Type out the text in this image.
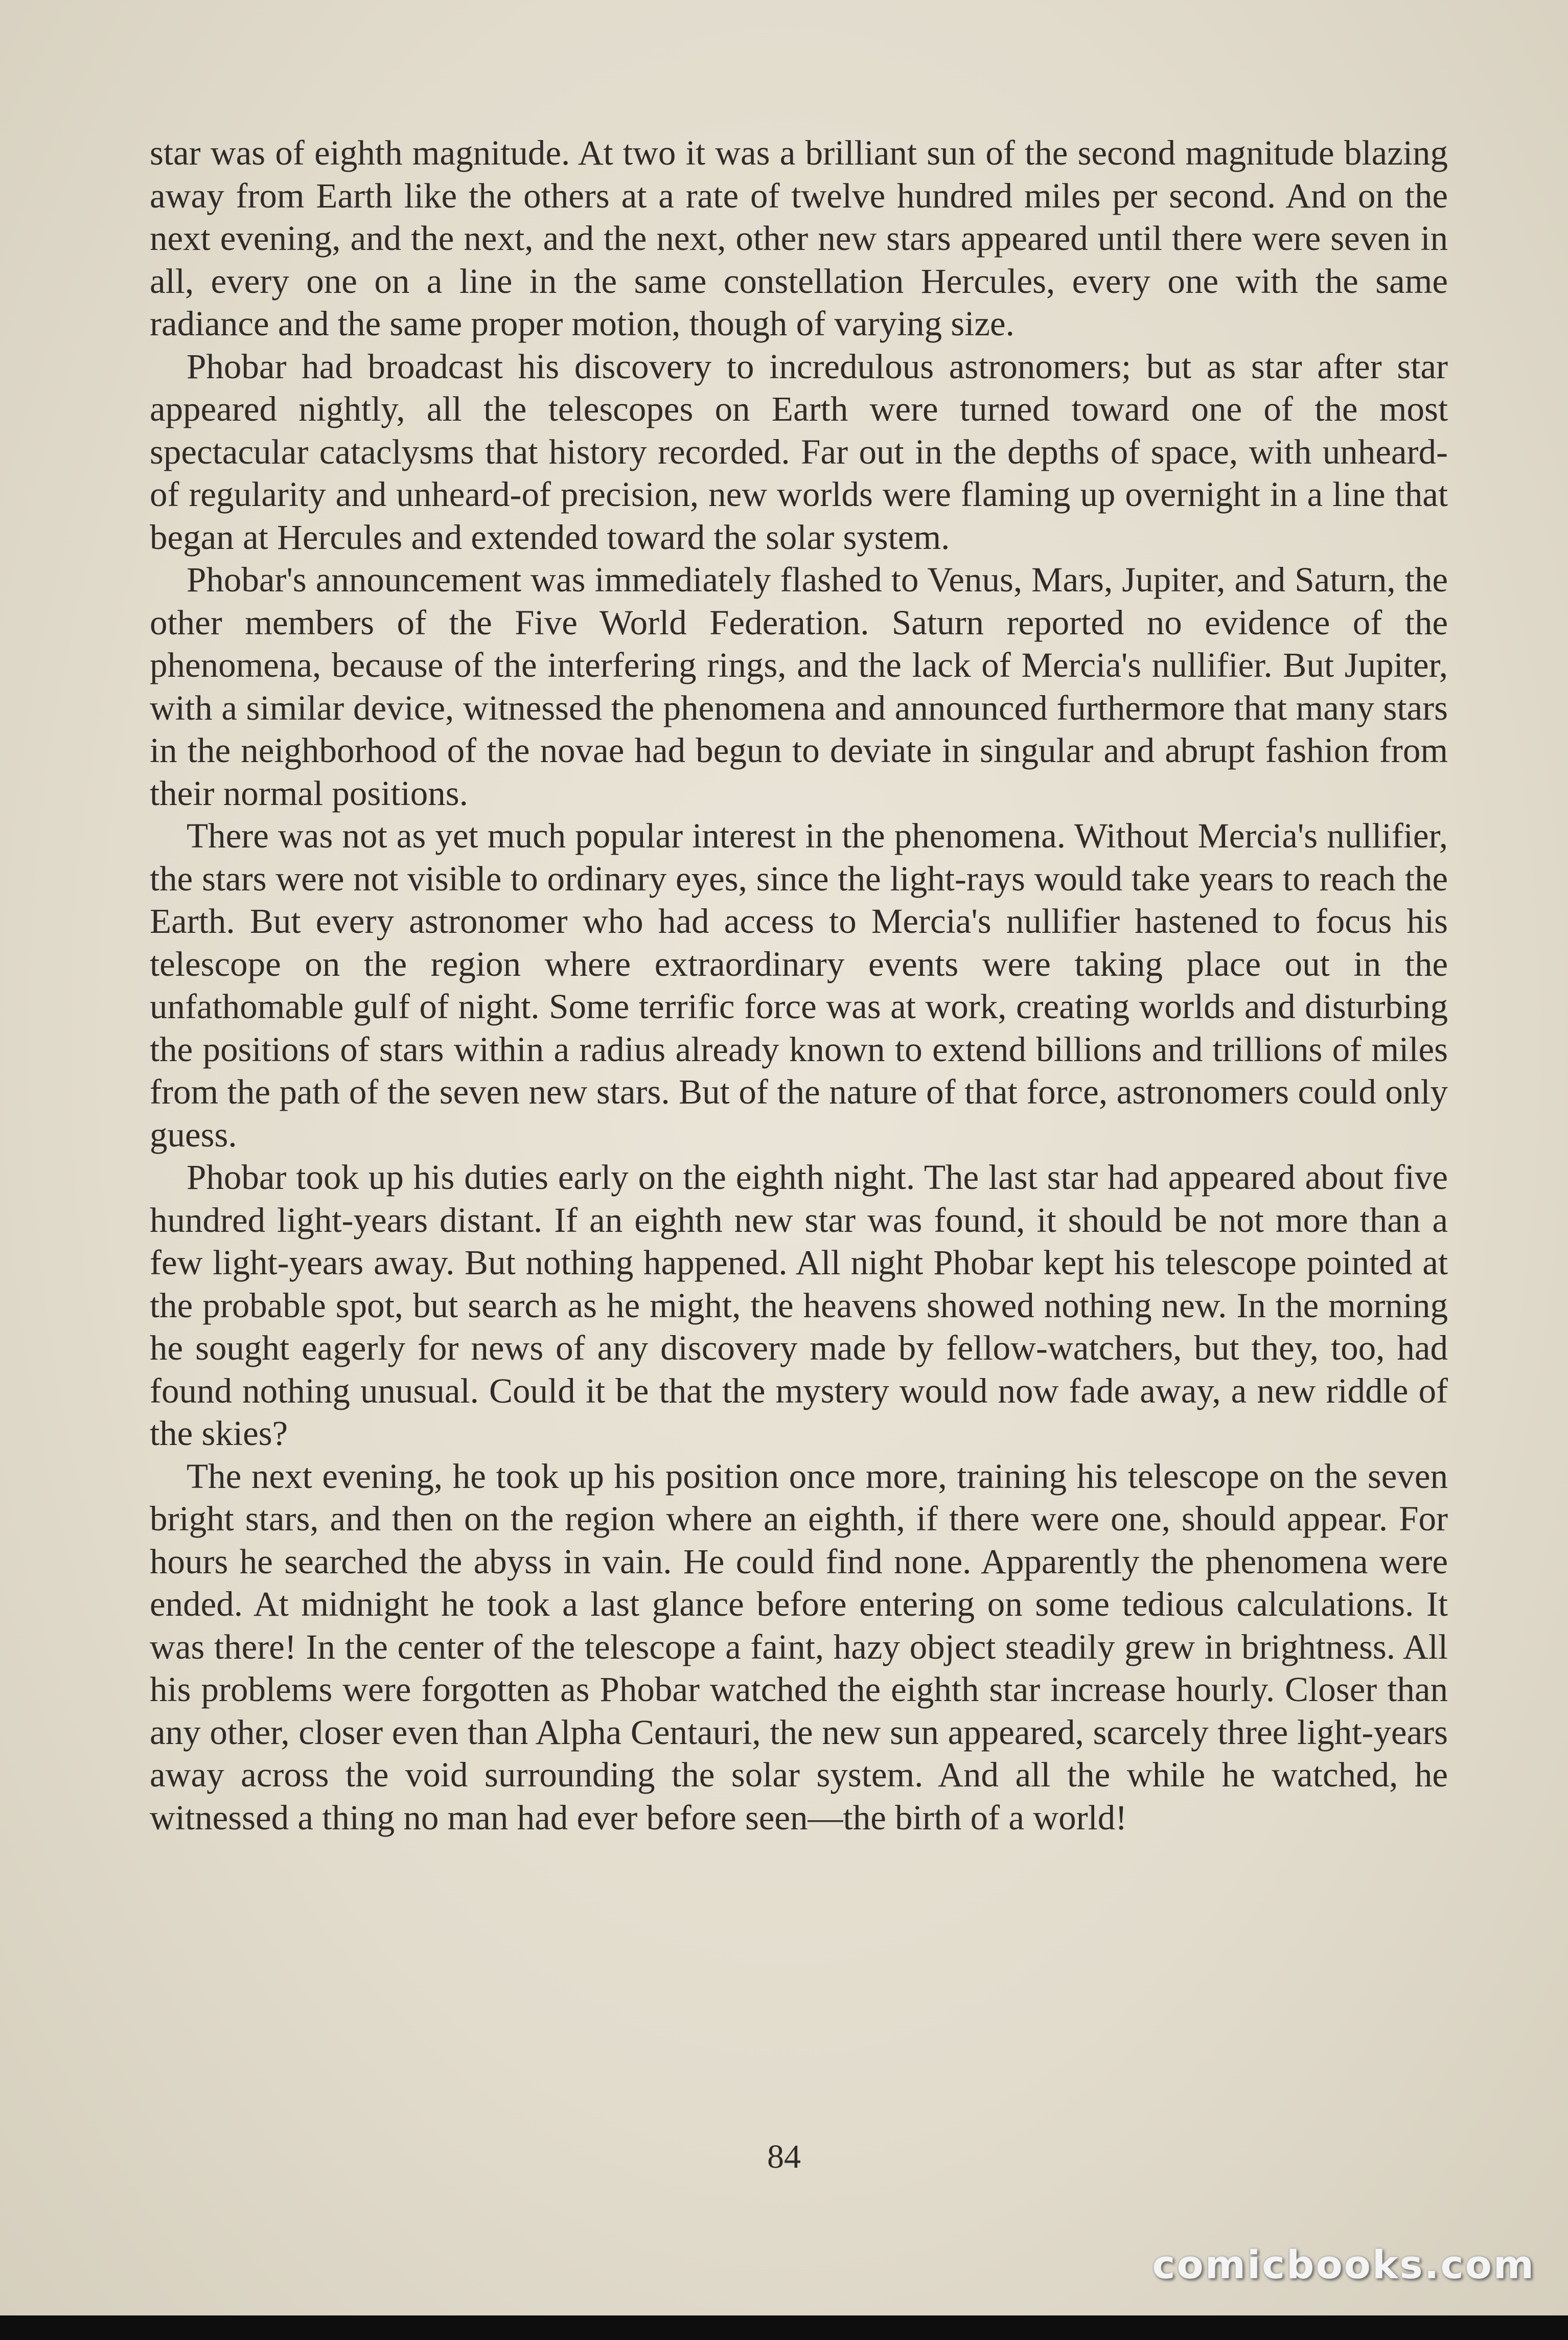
star was of eighth magnitude. At two it was a brilliant sun of the second magnitude blazing away from Earth like the others at a rate of twelve hundred miles per second. And on the next evening, and the next, and the next, other new stars appeared until there were seven in all, every one on a line in the same constellation Hercules, every one with the same radiance and the same proper motion, though of varying size.

Phobar had broadcast his discovery to incredulous astronomers; but as star after star appeared nightly, all the telescopes on Earth were turned toward one of the most spectacular cataclysms that history recorded. Far out in the depths of space, with unheard-of regularity and unheard-of precision, new worlds were flaming up overnight in a line that began at Hercules and extended toward the solar system.

Phobar's announcement was immediately flashed to Venus, Mars, Jupiter, and Saturn, the other members of the Five World Federation. Saturn reported no evidence of the phenomena, because of the interfering rings, and the lack of Mercia's nullifier. But Jupiter, with a similar device, witnessed the phenomena and announced furthermore that many stars in the neighborhood of the novae had begun to deviate in singular and abrupt fashion from their normal positions.

There was not as yet much popular interest in the phenomena. Without Mercia's nullifier, the stars were not visible to ordinary eyes, since the light-rays would take years to reach the Earth. But every astronomer who had access to Mercia's nullifier hastened to focus his telescope on the region where extraordinary events were taking place out in the unfathomable gulf of night. Some terrific force was at work, creating worlds and disturbing the positions of stars within a radius already known to extend billions and trillions of miles from the path of the seven new stars. But of the nature of that force, astronomers could only guess.

Phobar took up his duties early on the eighth night. The last star had appeared about five hundred light-years distant. If an eighth new star was found, it should be not more than a few light-years away. But nothing happened. All night Phobar kept his telescope pointed at the probable spot, but search as he might, the heavens showed nothing new. In the morning he sought eagerly for news of any discovery made by fellow-watchers, but they, too, had found nothing unusual. Could it be that the mystery would now fade away, a new riddle of the skies?

The next evening, he took up his position once more, training his telescope on the seven bright stars, and then on the region where an eighth, if there were one, should appear. For hours he searched the abyss in vain. He could find none. Apparently the phenomena were ended. At midnight he took a last glance before entering on some tedious calculations. It was there! In the center of the telescope a faint, hazy object steadily grew in brightness. All his problems were forgotten as Phobar watched the eighth star increase hourly. Closer than any other, closer even than Alpha Centauri, the new sun appeared, scarcely three light-years away across the void surrounding the solar system. And all the while he watched, he witnessed a thing no man had ever before seen—the birth of a world!

84
comicbooks.com
